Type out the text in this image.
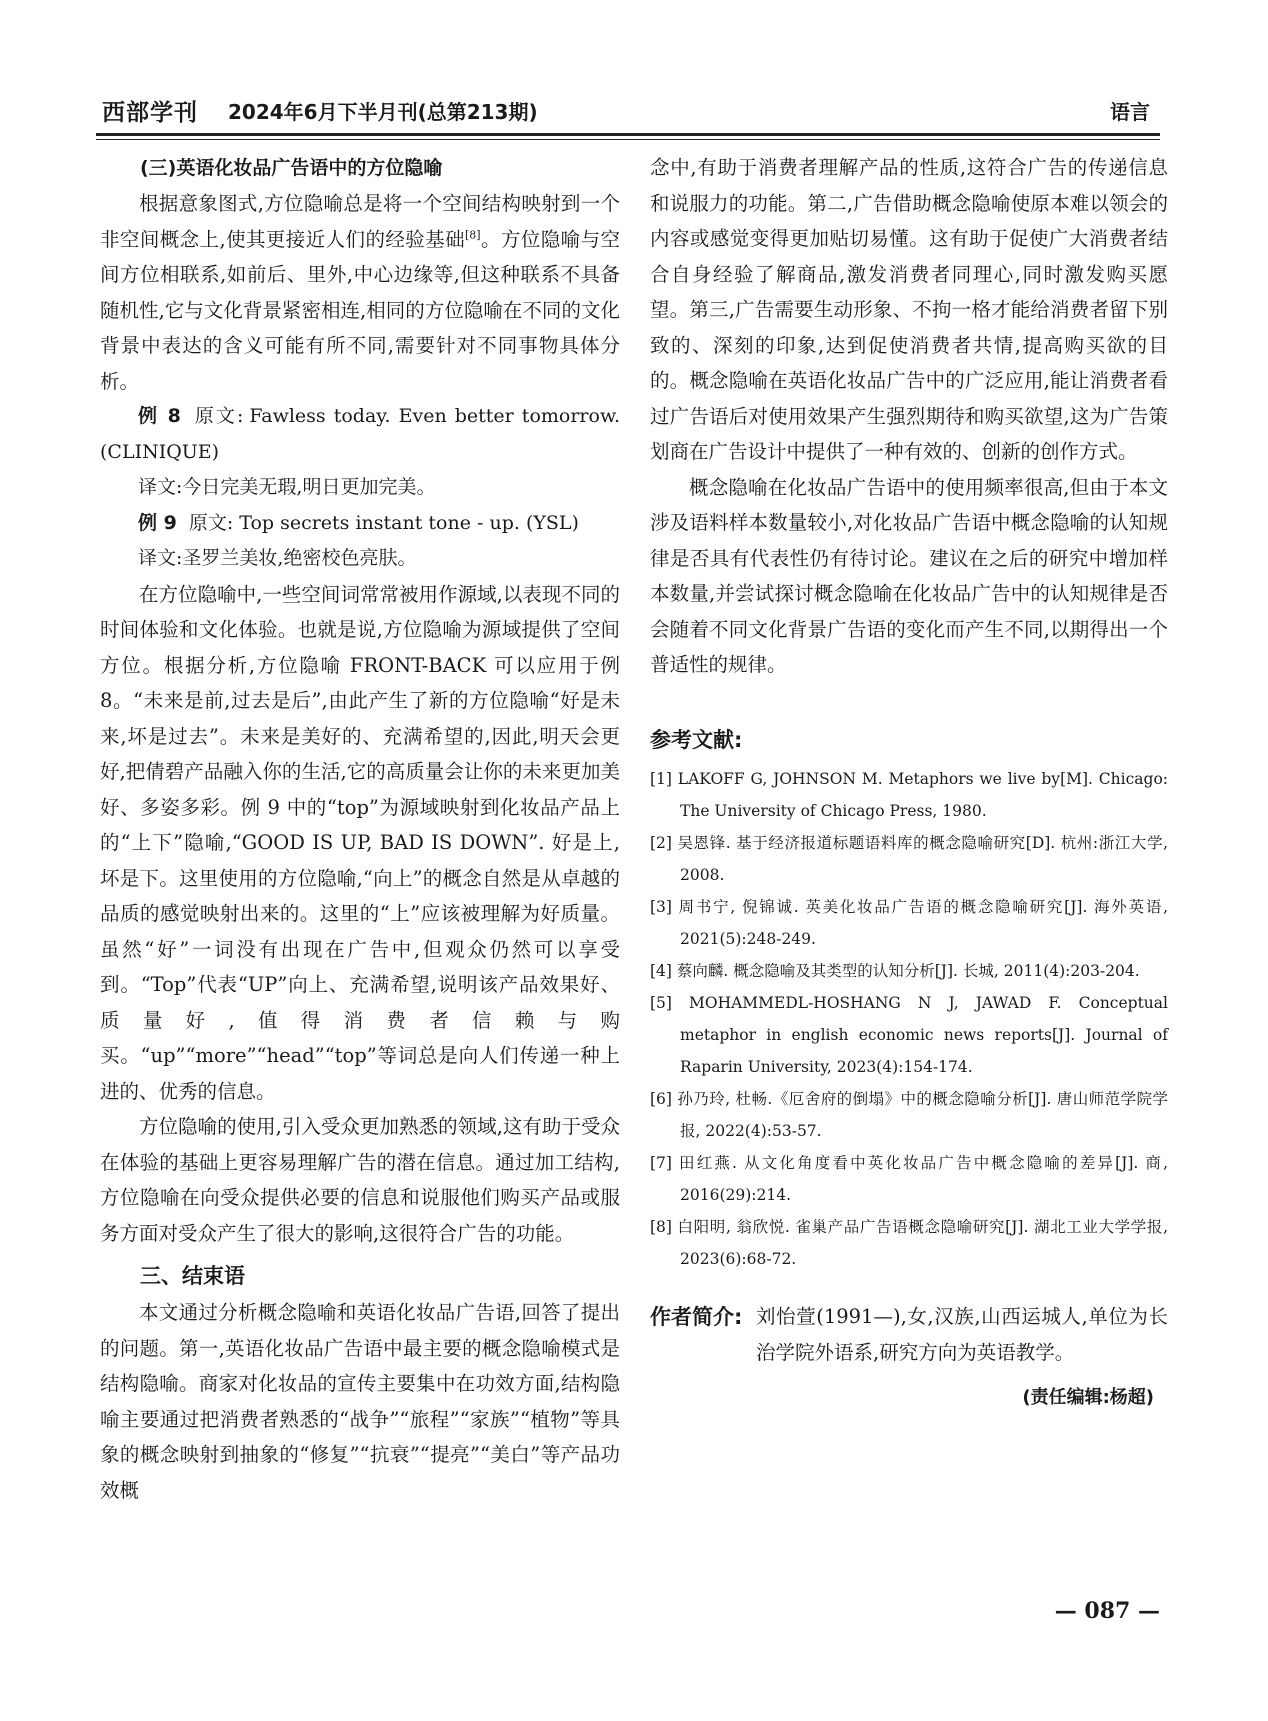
西部学刊 2024年6月下半月刊(总第213期)	语言

(三)英语化妆品广告语中的方位隐喻

根据意象图式,方位隐喻总是将一个空间结构映射到一个非空间概念上,使其更接近人们的经验基础[8]。方位隐喻与空间方位相联系,如前后、里外,中心边缘等,但这种联系不具备随机性,它与文化背景紧密相连,相同的方位隐喻在不同的文化背景中表达的含义可能有所不同,需要针对不同事物具体分析。

例 8 原文: Fawless today. Even better tomorrow. (CLINIQUE)

译文:今日完美无瑕,明日更加完美。

例 9 原文: Top secrets instant tone - up. (YSL)

译文:圣罗兰美妆,绝密校色亮肤。

在方位隐喻中,一些空间词常常被用作源域,以表现不同的时间体验和文化体验。也就是说,方位隐喻为源域提供了空间方位。根据分析,方位隐喻 FRONT-BACK 可以应用于例 8。“未来是前,过去是后”,由此产生了新的方位隐喻“好是未来,坏是过去”。未来是美好的、充满希望的,因此,明天会更好,把倩碧产品融入你的生活,它的高质量会让你的未来更加美好、多姿多彩。例 9 中的“top”为源域映射到化妆品产品上的“上下”隐喻,“GOOD IS UP, BAD IS DOWN”. 好是上,坏是下。这里使用的方位隐喻,“向上”的概念自然是从卓越的品质的感觉映射出来的。这里的“上”应该被理解为好质量。虽然“好”一词没有出现在广告中,但观众仍然可以享受到。“Top”代表“UP”向上、充满希望,说明该产品效果好、质量好,值得消费者信赖与购买。“up”“more”“head”“top”等词总是向人们传递一种上进的、优秀的信息。

方位隐喻的使用,引入受众更加熟悉的领域,这有助于受众在体验的基础上更容易理解广告的潜在信息。通过加工结构,方位隐喻在向受众提供必要的信息和说服他们购买产品或服务方面对受众产生了很大的影响,这很符合广告的功能。

三、结束语

本文通过分析概念隐喻和英语化妆品广告语,回答了提出的问题。第一,英语化妆品广告语中最主要的概念隐喻模式是结构隐喻。商家对化妆品的宣传主要集中在功效方面,结构隐喻主要通过把消费者熟悉的“战争”“旅程”“家族”“植物”等具象的概念映射到抽象的“修复”“抗衰”“提亮”“美白”等产品功效概

念中,有助于消费者理解产品的性质,这符合广告的传递信息和说服力的功能。第二,广告借助概念隐喻使原本难以领会的内容或感觉变得更加贴切易懂。这有助于促使广大消费者结合自身经验了解商品,激发消费者同理心,同时激发购买愿望。第三,广告需要生动形象、不拘一格才能给消费者留下别致的、深刻的印象,达到促使消费者共情,提高购买欲的目的。概念隐喻在英语化妆品广告中的广泛应用,能让消费者看过广告语后对使用效果产生强烈期待和购买欲望,这为广告策划商在广告设计中提供了一种有效的、创新的创作方式。

概念隐喻在化妆品广告语中的使用频率很高,但由于本文涉及语料样本数量较小,对化妆品广告语中概念隐喻的认知规律是否具有代表性仍有待讨论。建议在之后的研究中增加样本数量,并尝试探讨概念隐喻在化妆品广告中的认知规律是否会随着不同文化背景广告语的变化而产生不同,以期得出一个普适性的规律。

参考文献:

[1] LAKOFF G, JOHNSON M. Metaphors we live by[M]. Chicago: The University of Chicago Press, 1980.

[2] 吴恩锋. 基于经济报道标题语料库的概念隐喻研究[D]. 杭州:浙江大学, 2008.

[3] 周书宁, 倪锦诚. 英美化妆品广告语的概念隐喻研究[J]. 海外英语, 2021(5):248-249.

[4] 蔡向麟. 概念隐喻及其类型的认知分析[J]. 长城, 2011(4):203-204.

[5] MOHAMMEDL-HOSHANG N J, JAWAD F. Conceptual metaphor in english economic news reports[J]. Journal of Raparin University, 2023(4):154-174.

[6] 孙乃玲, 杜畅.《厄舍府的倒塌》中的概念隐喻分析[J]. 唐山师范学院学报, 2022(4):53-57.

[7] 田红燕. 从文化角度看中英化妆品广告中概念隐喻的差异[J]. 商, 2016(29):214.

[8] 白阳明, 翁欣悦. 雀巢产品广告语概念隐喻研究[J]. 湖北工业大学学报, 2023(6):68-72.

作者简介: 刘怡萱(1991—),女,汉族,山西运城人,单位为长治学院外语系,研究方向为英语教学。
(责任编辑:杨超)
— 087 —
